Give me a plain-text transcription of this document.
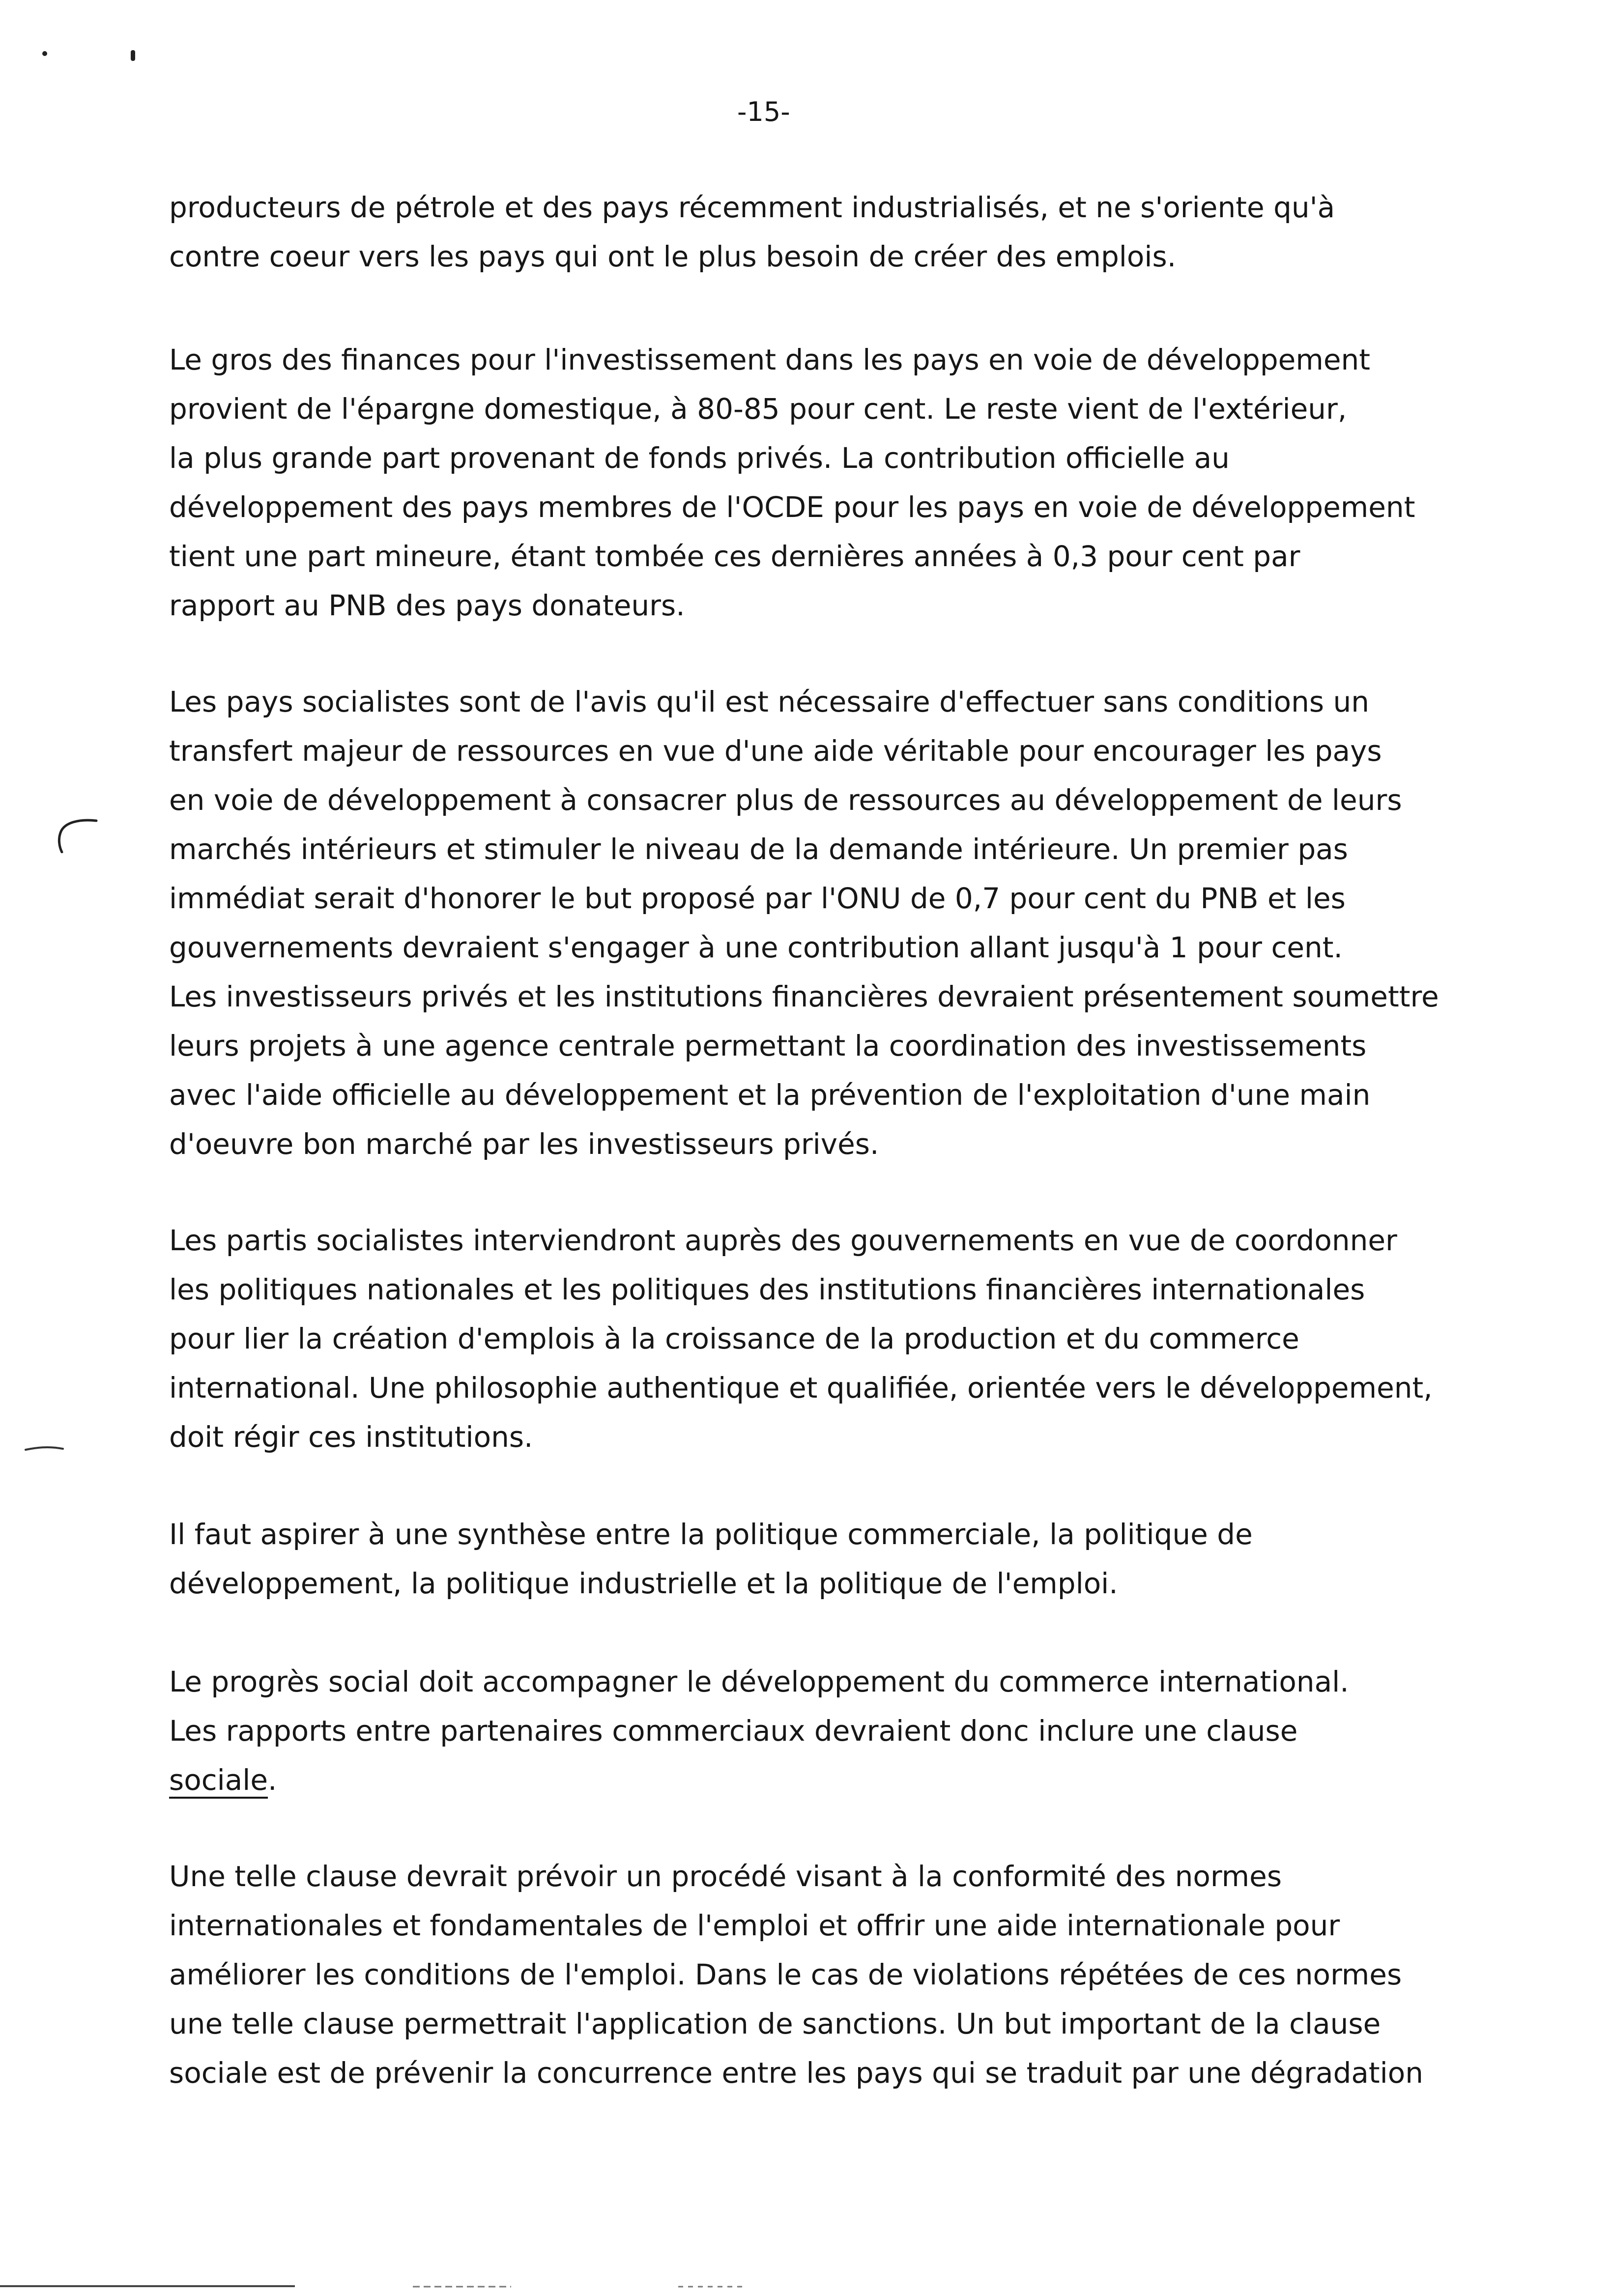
-15-
producteurs de pétrole et des pays récemment industrialisés, et ne s'oriente qu'à
contre coeur vers les pays qui ont le plus besoin de créer des emplois.
Le gros des finances pour l'investissement dans les pays en voie de développement
provient de l'épargne domestique, à 80-85 pour cent. Le reste vient de l'extérieur,
la plus grande part provenant de fonds privés. La contribution officielle au
développement des pays membres de l'OCDE pour les pays en voie de développement
tient une part mineure, étant tombée ces dernières années à 0,3 pour cent par
rapport au PNB des pays donateurs.
Les pays socialistes sont de l'avis qu'il est nécessaire d'effectuer sans conditions un
transfert majeur de ressources en vue d'une aide véritable pour encourager les pays
en voie de développement à consacrer plus de ressources au développement de leurs
marchés intérieurs et stimuler le niveau de la demande intérieure. Un premier pas
immédiat serait d'honorer le but proposé par l'ONU de 0,7 pour cent du PNB et les
gouvernements devraient s'engager à une contribution allant jusqu'à 1 pour cent.
Les investisseurs privés et les institutions financières devraient présentement soumettre
leurs projets à une agence centrale permettant la coordination des investissements
avec l'aide officielle au développement et la prévention de l'exploitation d'une main
d'oeuvre bon marché par les investisseurs privés.
Les partis socialistes interviendront auprès des gouvernements en vue de coordonner
les politiques nationales et les politiques des institutions financières internationales
pour lier la création d'emplois à la croissance de la production et du commerce
international. Une philosophie authentique et qualifiée, orientée vers le développement,
doit régir ces institutions.
Il faut aspirer à une synthèse entre la politique commerciale, la politique de
développement, la politique industrielle et la politique de l'emploi.
Le progrès social doit accompagner le développement du commerce international.
Les rapports entre partenaires commerciaux devraient donc inclure une clause
sociale.
Une telle clause devrait prévoir un procédé visant à la conformité des normes
internationales et fondamentales de l'emploi et offrir une aide internationale pour
améliorer les conditions de l'emploi. Dans le cas de violations répétées de ces normes
une telle clause permettrait l'application de sanctions. Un but important de la clause
sociale est de prévenir la concurrence entre les pays qui se traduit par une dégradation
